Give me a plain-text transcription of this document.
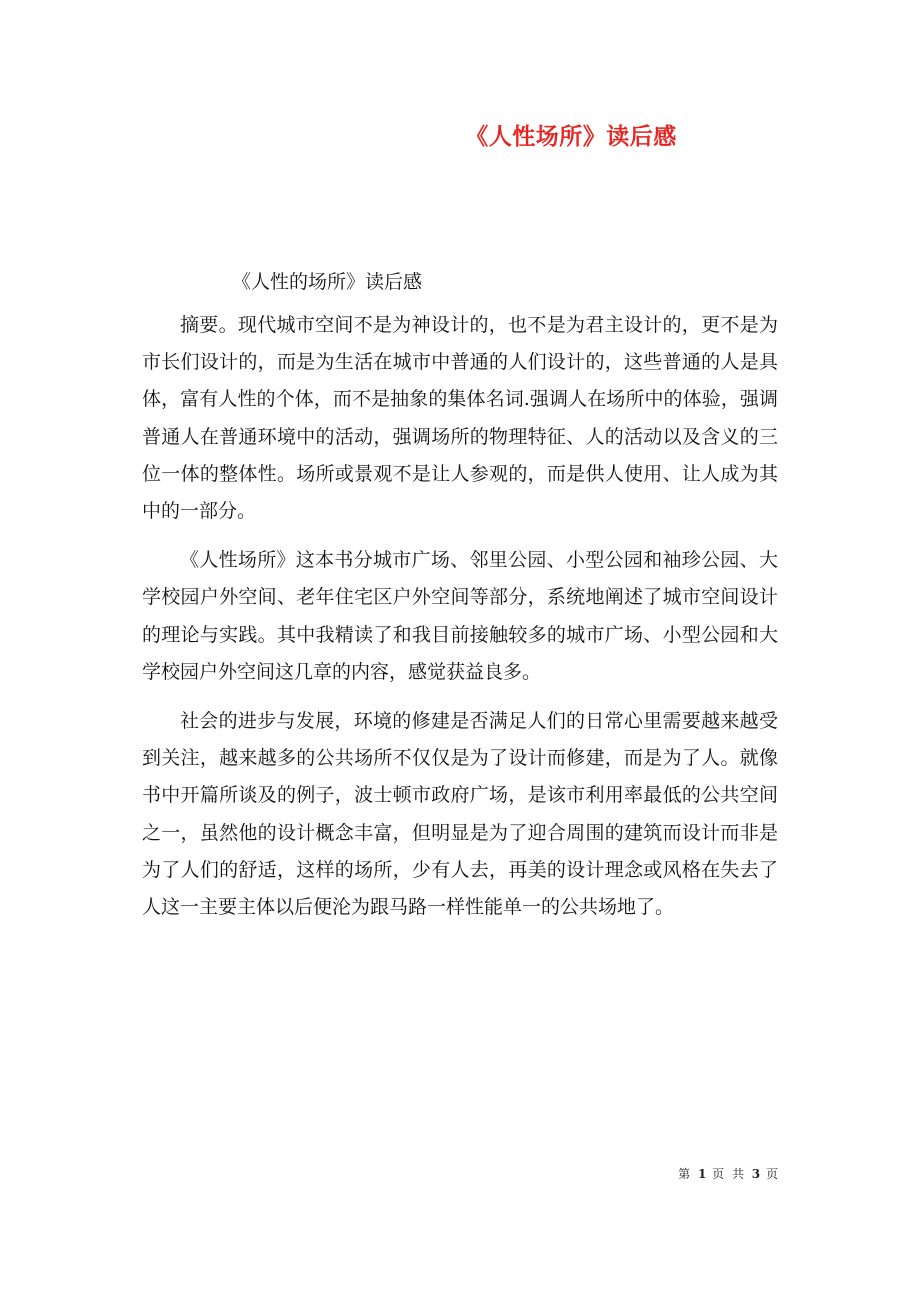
《人性场所》读后感

《人性的场所》读后感

摘要。现代城市空间不是为神设计的，也不是为君主设计的，更不是为市长们设计的，而是为生活在城市中普通的人们设计的，这些普通的人是具体，富有人性的个体，而不是抽象的集体名词.强调人在场所中的体验，强调普通人在普通环境中的活动，强调场所的物理特征、人的活动以及含义的三位一体的整体性。场所或景观不是让人参观的，而是供人使用、让人成为其中的一部分。

《人性场所》这本书分城市广场、邻里公园、小型公园和袖珍公园、大学校园户外空间、老年住宅区户外空间等部分，系统地阐述了城市空间设计的理论与实践。其中我精读了和我目前接触较多的城市广场、小型公园和大学校园户外空间这几章的内容，感觉获益良多。

社会的进步与发展，环境的修建是否满足人们的日常心里需要越来越受到关注，越来越多的公共场所不仅仅是为了设计而修建，而是为了人。就像书中开篇所谈及的例子，波士顿市政府广场，是该市利用率最低的公共空间之一，虽然他的设计概念丰富，但明显是为了迎合周围的建筑而设计而非是为了人们的舒适，这样的场所，少有人去，再美的设计理念或风格在失去了人这一主要主体以后便沦为跟马路一样性能单一的公共场地了。

第 1 页 共 3 页
